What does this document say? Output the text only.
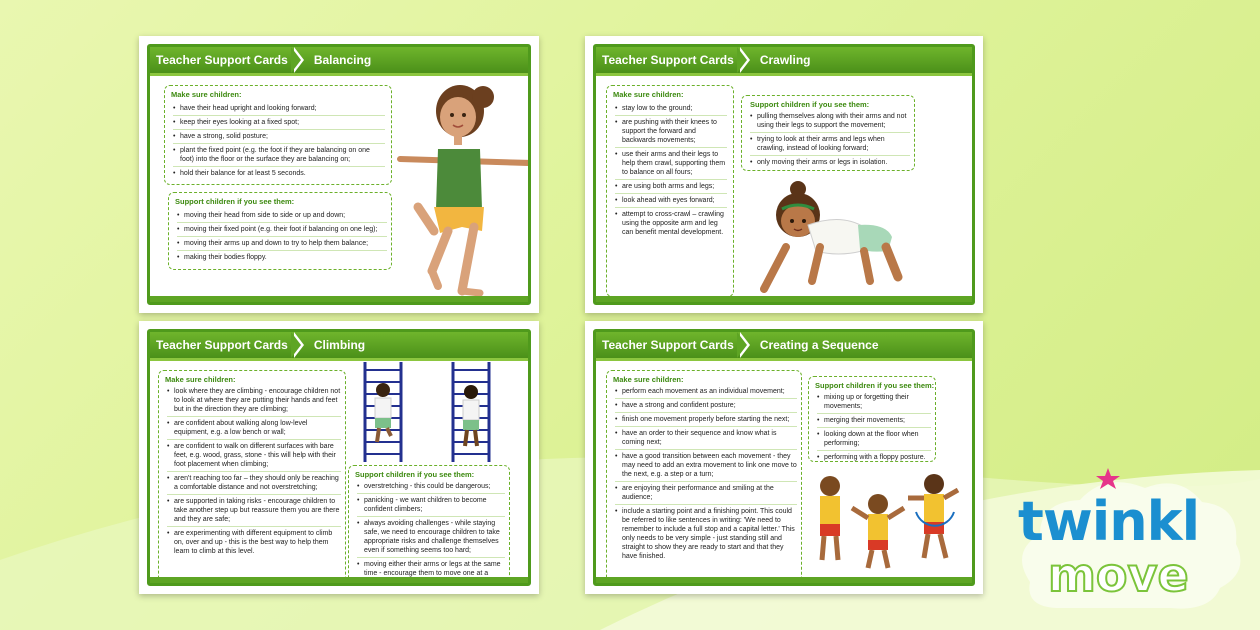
Teacher Support Cards	Balancing
Make sure children:
• have their head upright and looking forward;
• keep their eyes looking at a fixed spot;
• have a strong, solid posture;
• plant the fixed point (e.g. the foot if they are balancing on one foot) into the floor or the surface they are balancing on;
• hold their balance for at least 5 seconds.
Support children if you see them:
• moving their head from side to side or up and down;
• moving their fixed point (e.g. their foot if balancing on one leg);
• moving their arms up and down to try to help them balance;
• making their bodies floppy.
Teacher Support Cards	Crawling
Make sure children:
• stay low to the ground;
• are pushing with their knees to support the forward and backwards movements;
• use their arms and their legs to help them crawl, supporting them to balance on all fours;
• are using both arms and legs;
• look ahead with eyes forward;
• attempt to cross-crawl – crawling using the opposite arm and leg can benefit mental development.
Support children if you see them:
• pulling themselves along with their arms and not using their legs to support the movement;
• trying to look at their arms and legs when crawling, instead of looking forward;
• only moving their arms or legs in isolation.
Teacher Support Cards	Climbing
Make sure children:
• look where they are climbing - encourage children not to look at where they are putting their hands and feet but in the direction they are climbing;
• are confident about walking along low-level equipment, e.g. a low bench or wall;
• are confident to walk on different surfaces with bare feet, e.g. wood, grass, stone - this will help with their foot placement when climbing;
• aren't reaching too far – they should only be reaching a comfortable distance and not overstretching;
• are supported in taking risks - encourage children to take another step up but reassure them you are there and they are safe;
• are experimenting with different equipment to climb on, over and up - this is the best way to help them learn to climb at this level.
Support children if you see them:
• overstretching - this could be dangerous;
• panicking - we want children to become confident climbers;
• always avoiding challenges - while staying safe, we need to encourage children to take appropriate risks and challenge themselves even if something seems too hard;
• moving either their arms or legs at the same time - encourage them to move one at a
Teacher Support Cards	Creating a Sequence
Make sure children:
• perform each movement as an individual movement;
• have a strong and confident posture;
• finish one movement properly before starting the next;
• have an order to their sequence and know what is coming next;
• have a good transition between each movement - they may need to add an extra movement to link one move to the next, e.g. a step or a turn;
• are enjoying their performance and smiling at the audience;
• include a starting point and a finishing point. This could be referred to like sentences in writing: 'We need to remember to include a full stop and a capital letter.' This only needs to be very simple - just standing still and straight to show they are ready to start and that they have finished.
Support children if you see them:
• mixing up or forgetting their movements;
• merging their movements;
• looking down at the floor when performing;
• performing with a floppy posture.
twinkl
move
